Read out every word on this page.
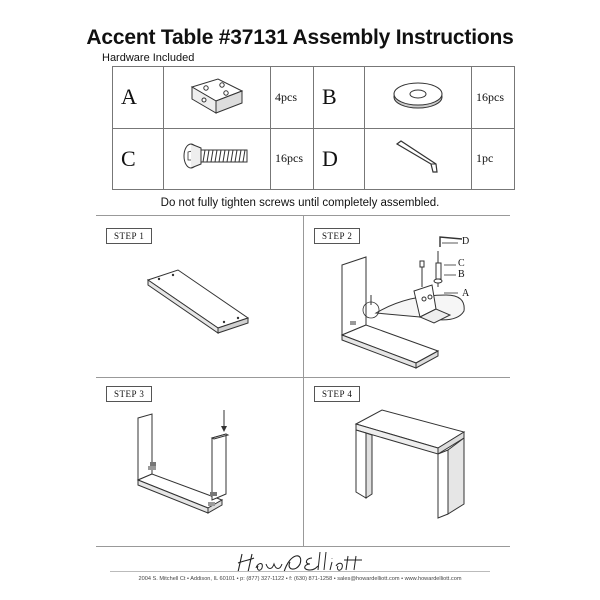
Accent Table #37131 Assembly Instructions
Hardware Included
A		4pcs	B		16pcs
C		16pcs	D		1pc
Do not fully tighten screws until completely assembled.
STEP 1	STEP 2	D
C
B
A
STEP 3	STEP 4
2004 S. Mitchell Ct • Addison, IL 60101 • p: (877) 327-1122 • f: (630) 871-1258 • sales@howardelliott.com • www.howardelliott.com
